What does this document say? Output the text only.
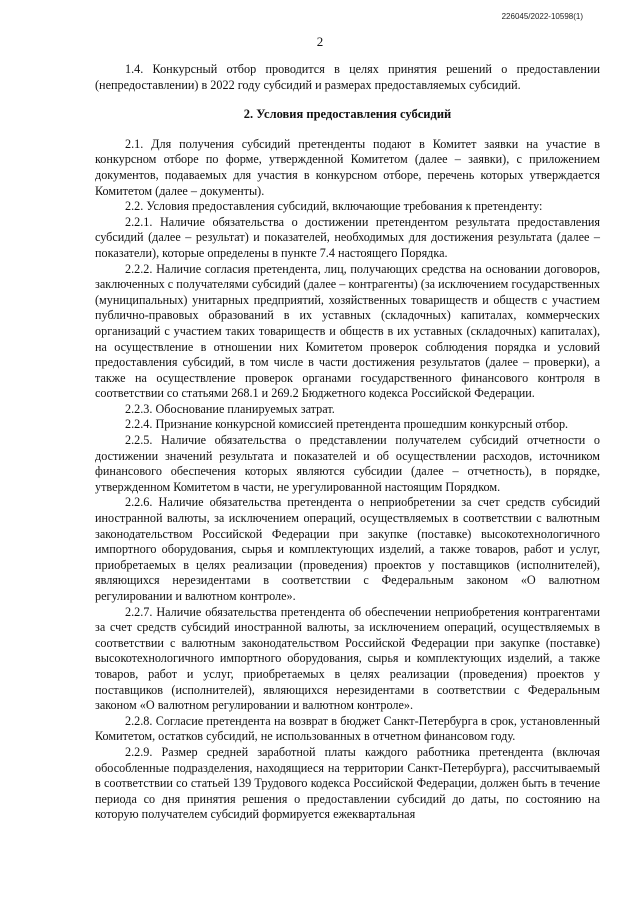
226045/2022-10598(1)
2

1.4. Конкурсный отбор проводится в целях принятия решений о предоставлении (непредоставлении) в 2022 году субсидий и размерах предоставляемых субсидий.

2. Условия предоставления субсидий

2.1. Для получения субсидий претенденты подают в Комитет заявки на участие в конкурсном отборе по форме, утвержденной Комитетом (далее – заявки), с приложением документов, подаваемых для участия в конкурсном отборе, перечень которых утверждается Комитетом (далее – документы).

2.2. Условия предоставления субсидий, включающие требования к претенденту:

2.2.1. Наличие обязательства о достижении претендентом результата предоставления субсидий (далее – результат) и показателей, необходимых для достижения результата (далее – показатели), которые определены в пункте 7.4 настоящего Порядка.

2.2.2. Наличие согласия претендента, лиц, получающих средства на основании договоров, заключенных с получателями субсидий (далее – контрагенты) (за исключением государственных (муниципальных) унитарных предприятий, хозяйственных товариществ и обществ с участием публично-правовых образований в их уставных (складочных) капиталах, коммерческих организаций с участием таких товариществ и обществ в их уставных (складочных) капиталах), на осуществление в отношении них Комитетом проверок соблюдения порядка и условий предоставления субсидий, в том числе в части достижения результатов (далее – проверки), а также на осуществление проверок органами государственного финансового контроля в соответствии со статьями 268.1 и 269.2 Бюджетного кодекса Российской Федерации.

2.2.3. Обоснование планируемых затрат.

2.2.4. Признание конкурсной комиссией претендента прошедшим конкурсный отбор.

2.2.5. Наличие обязательства о представлении получателем субсидий отчетности о достижении значений результата и показателей и об осуществлении расходов, источником финансового обеспечения которых являются субсидии (далее – отчетность), в порядке, утвержденном Комитетом в части, не урегулированной настоящим Порядком.

2.2.6. Наличие обязательства претендента о неприобретении за счет средств субсидий иностранной валюты, за исключением операций, осуществляемых в соответствии с валютным законодательством Российской Федерации при закупке (поставке) высокотехнологичного импортного оборудования, сырья и комплектующих изделий, а также товаров, работ и услуг, приобретаемых в целях реализации (проведения) проектов у поставщиков (исполнителей), являющихся нерезидентами в соответствии с Федеральным законом «О валютном регулировании и валютном контроле».

2.2.7. Наличие обязательства претендента об обеспечении неприобретения контрагентами за счет средств субсидий иностранной валюты, за исключением операций, осуществляемых в соответствии с валютным законодательством Российской Федерации при закупке (поставке) высокотехнологичного импортного оборудования, сырья и комплектующих изделий, а также товаров, работ и услуг, приобретаемых в целях реализации (проведения) проектов у поставщиков (исполнителей), являющихся нерезидентами в соответствии с Федеральным законом «О валютном регулировании и валютном контроле».

2.2.8. Согласие претендента на возврат в бюджет Санкт-Петербурга в срок, установленный Комитетом, остатков субсидий, не использованных в отчетном финансовом году.

2.2.9. Размер средней заработной платы каждого работника претендента (включая обособленные подразделения, находящиеся на территории Санкт-Петербурга), рассчитываемый в соответствии со статьей 139 Трудового кодекса Российской Федерации, должен быть в течение периода со дня принятия решения о предоставлении субсидий до даты, по состоянию на которую получателем субсидий формируется ежеквартальная
